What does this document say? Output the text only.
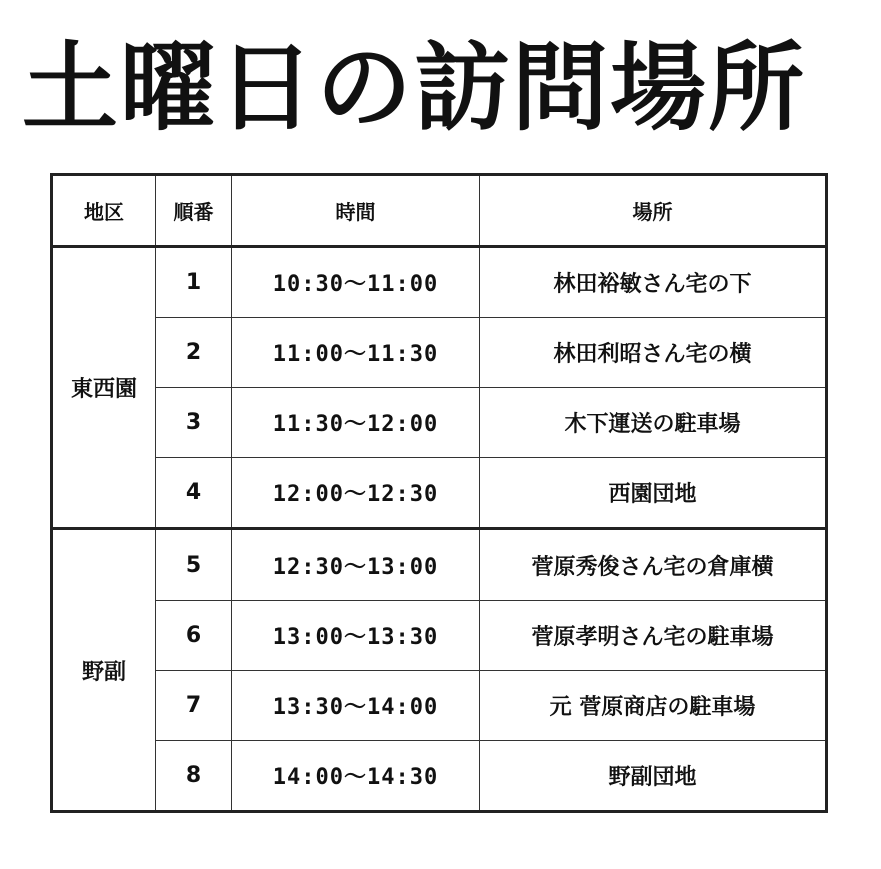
土曜日の訪問場所
地区	順番	時間	場所
東西園	1	10:30〜11:00	林田裕敏さん宅の下
	2	11:00〜11:30	林田利昭さん宅の横
	3	11:30〜12:00	木下運送の駐車場
	4	12:00〜12:30	西園団地
野副	5	12:30〜13:00	菅原秀俊さん宅の倉庫横
	6	13:00〜13:30	菅原孝明さん宅の駐車場
	7	13:30〜14:00	元 菅原商店の駐車場
	8	14:00〜14:30	野副団地
